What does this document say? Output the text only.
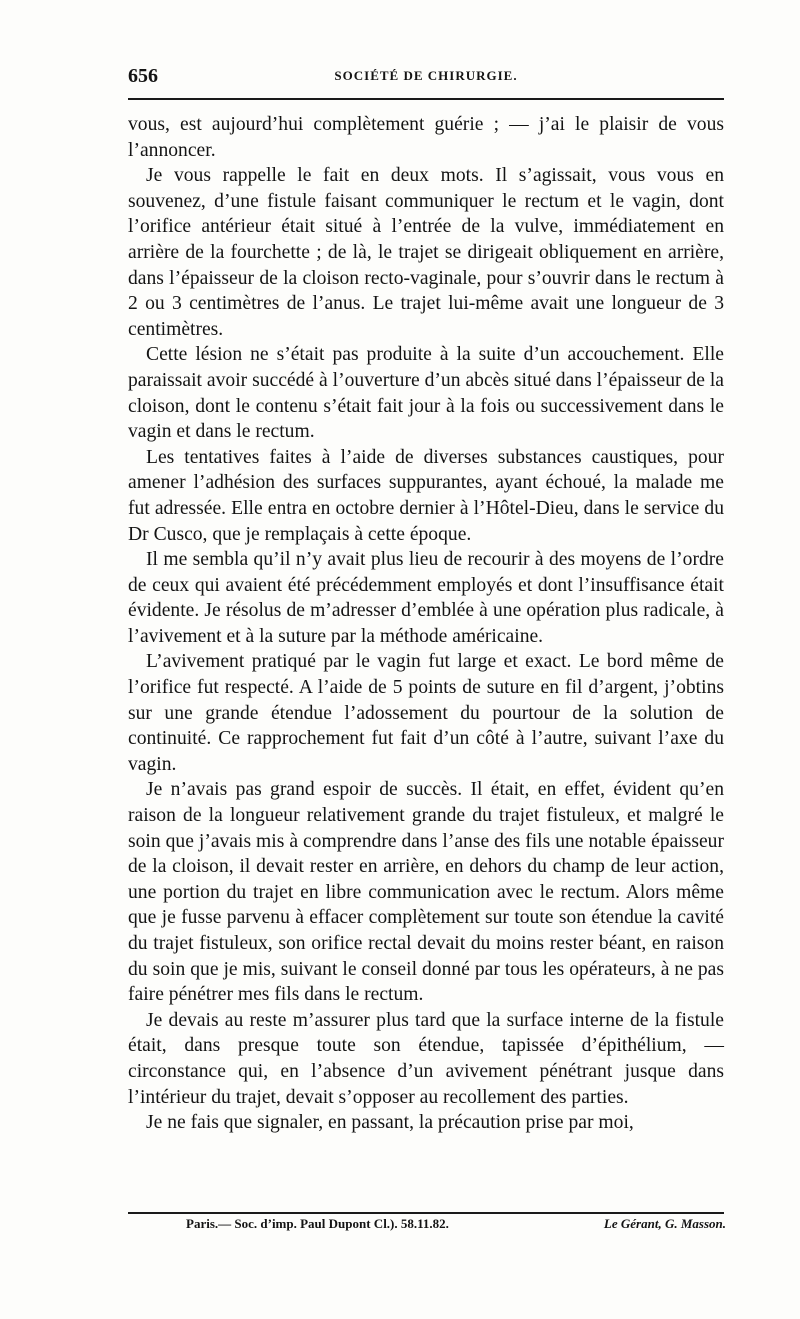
656	SOCIÉTÉ DE CHIRURGIE.

vous, est aujourd’hui complètement guérie ; — j’ai le plaisir de vous l’annoncer.

Je vous rappelle le fait en deux mots. Il s’agissait, vous vous en souvenez, d’une fistule faisant communiquer le rectum et le vagin, dont l’orifice antérieur était situé à l’entrée de la vulve, immédiatement en arrière de la fourchette ; de là, le trajet se dirigeait obliquement en arrière, dans l’épaisseur de la cloison recto-vaginale, pour s’ouvrir dans le rectum à 2 ou 3 centimètres de l’anus. Le trajet lui-même avait une longueur de 3 centimètres.

Cette lésion ne s’était pas produite à la suite d’un accouchement. Elle paraissait avoir succédé à l’ouverture d’un abcès situé dans l’épaisseur de la cloison, dont le contenu s’était fait jour à la fois ou successivement dans le vagin et dans le rectum.

Les tentatives faites à l’aide de diverses substances caustiques, pour amener l’adhésion des surfaces suppurantes, ayant échoué, la malade me fut adressée. Elle entra en octobre dernier à l’Hôtel-Dieu, dans le service du Dr Cusco, que je remplaçais à cette époque.

Il me sembla qu’il n’y avait plus lieu de recourir à des moyens de l’ordre de ceux qui avaient été précédemment employés et dont l’insuffisance était évidente. Je résolus de m’adresser d’emblée à une opération plus radicale, à l’avivement et à la suture par la méthode américaine.

L’avivement pratiqué par le vagin fut large et exact. Le bord même de l’orifice fut respecté. A l’aide de 5 points de suture en fil d’argent, j’obtins sur une grande étendue l’adossement du pourtour de la solution de continuité. Ce rapprochement fut fait d’un côté à l’autre, suivant l’axe du vagin.

Je n’avais pas grand espoir de succès. Il était, en effet, évident qu’en raison de la longueur relativement grande du trajet fistuleux, et malgré le soin que j’avais mis à comprendre dans l’anse des fils une notable épaisseur de la cloison, il devait rester en arrière, en dehors du champ de leur action, une portion du trajet en libre communication avec le rectum. Alors même que je fusse parvenu à effacer complètement sur toute son étendue la cavité du trajet fistuleux, son orifice rectal devait du moins rester béant, en raison du soin que je mis, suivant le conseil donné par tous les opérateurs, à ne pas faire pénétrer mes fils dans le rectum.

Je devais au reste m’assurer plus tard que la surface interne de la fistule était, dans presque toute son étendue, tapissée d’épithélium, — circonstance qui, en l’absence d’un avivement pénétrant jusque dans l’intérieur du trajet, devait s’opposer au recollement des parties.

Je ne fais que signaler, en passant, la précaution prise par moi,

Paris.— Soc. d’imp. Paul Dupont Cl.). 58.11.82.	Le Gérant, G. Masson.
